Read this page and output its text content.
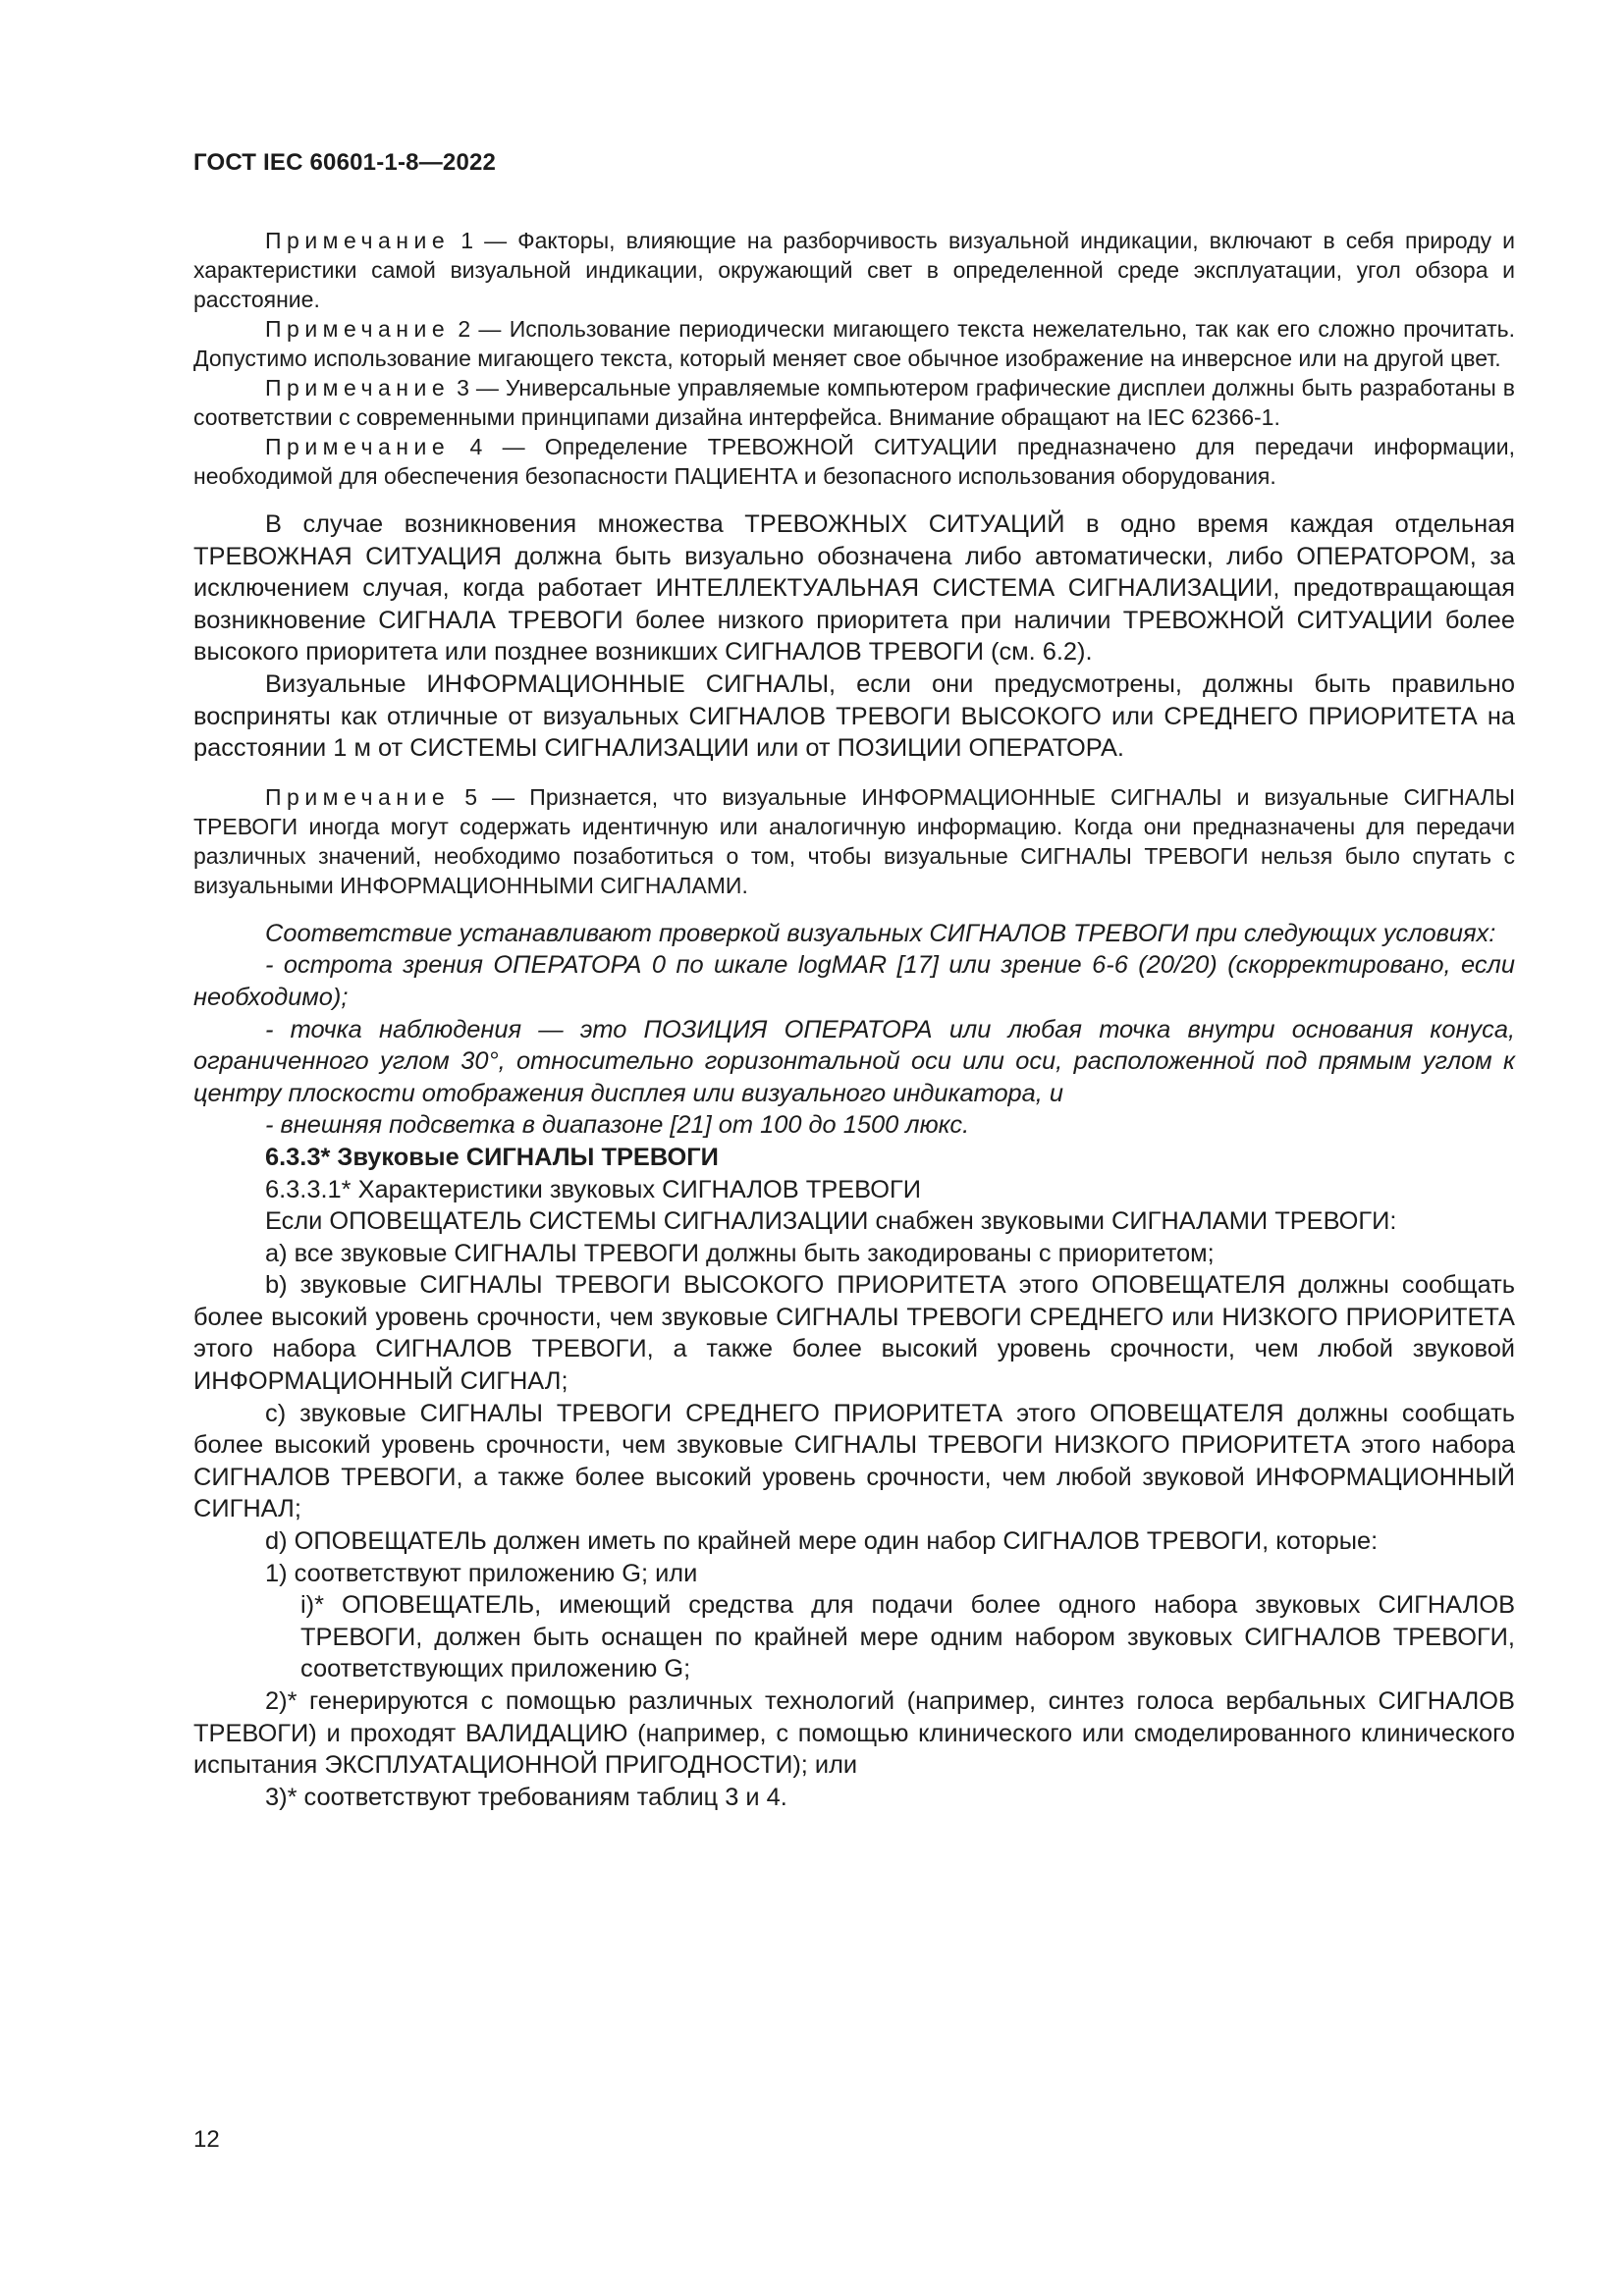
ГОСТ IEC 60601-1-8—2022

Примечание 1 — Факторы, влияющие на разборчивость визуальной индикации, включают в себя природу и характеристики самой визуальной индикации, окружающий свет в определенной среде эксплуатации, угол обзора и расстояние.

Примечание 2 — Использование периодически мигающего текста нежелательно, так как его сложно прочитать. Допустимо использование мигающего текста, который меняет свое обычное изображение на инверсное или на другой цвет.

Примечание 3 — Универсальные управляемые компьютером графические дисплеи должны быть разработаны в соответствии с современными принципами дизайна интерфейса. Внимание обращают на IEC 62366-1.

Примечание 4 — Определение ТРЕВОЖНОЙ СИТУАЦИИ предназначено для передачи информации, необходимой для обеспечения безопасности ПАЦИЕНТА и безопасного использования оборудования.

В случае возникновения множества ТРЕВОЖНЫХ СИТУАЦИЙ в одно время каждая отдельная ТРЕВОЖНАЯ СИТУАЦИЯ должна быть визуально обозначена либо автоматически, либо ОПЕРАТОРОМ, за исключением случая, когда работает ИНТЕЛЛЕКТУАЛЬНАЯ СИСТЕМА СИГНАЛИЗАЦИИ, предотвращающая возникновение СИГНАЛА ТРЕВОГИ более низкого приоритета при наличии ТРЕВОЖНОЙ СИТУАЦИИ более высокого приоритета или позднее возникших СИГНАЛОВ ТРЕВОГИ (см. 6.2).

Визуальные ИНФОРМАЦИОННЫЕ СИГНАЛЫ, если они предусмотрены, должны быть правильно восприняты как отличные от визуальных СИГНАЛОВ ТРЕВОГИ ВЫСОКОГО или СРЕДНЕГО ПРИОРИТЕТА на расстоянии 1 м от СИСТЕМЫ СИГНАЛИЗАЦИИ или от ПОЗИЦИИ ОПЕРАТОРА.

Примечание 5 — Признается, что визуальные ИНФОРМАЦИОННЫЕ СИГНАЛЫ и визуальные СИГНАЛЫ ТРЕВОГИ иногда могут содержать идентичную или аналогичную информацию. Когда они предназначены для передачи различных значений, необходимо позаботиться о том, чтобы визуальные СИГНАЛЫ ТРЕВОГИ нельзя было спутать с визуальными ИНФОРМАЦИОННЫМИ СИГНАЛАМИ.

Соответствие устанавливают проверкой визуальных СИГНАЛОВ ТРЕВОГИ при следующих условиях:

- острота зрения ОПЕРАТОРА 0 по шкале logMAR [17] или зрение 6-6 (20/20) (скорректировано, если необходимо);

- точка наблюдения — это ПОЗИЦИЯ ОПЕРАТОРА или любая точка внутри основания конуса, ограниченного углом 30°, относительно горизонтальной оси или оси, расположенной под прямым углом к центру плоскости отображения дисплея или визуального индикатора, и

- внешняя подсветка в диапазоне [21] от 100 до 1500 люкс.

6.3.3* Звуковые СИГНАЛЫ ТРЕВОГИ

6.3.3.1* Характеристики звуковых СИГНАЛОВ ТРЕВОГИ

Если ОПОВЕЩАТЕЛЬ СИСТЕМЫ СИГНАЛИЗАЦИИ снабжен звуковыми СИГНАЛАМИ ТРЕВОГИ:

a) все звуковые СИГНАЛЫ ТРЕВОГИ должны быть закодированы с приоритетом;

b) звуковые СИГНАЛЫ ТРЕВОГИ ВЫСОКОГО ПРИОРИТЕТА этого ОПОВЕЩАТЕЛЯ должны сообщать более высокий уровень срочности, чем звуковые СИГНАЛЫ ТРЕВОГИ СРЕДНЕГО или НИЗКОГО ПРИОРИТЕТА этого набора СИГНАЛОВ ТРЕВОГИ, а также более высокий уровень срочности, чем любой звуковой ИНФОРМАЦИОННЫЙ СИГНАЛ;

c) звуковые СИГНАЛЫ ТРЕВОГИ СРЕДНЕГО ПРИОРИТЕТА этого ОПОВЕЩАТЕЛЯ должны сообщать более высокий уровень срочности, чем звуковые СИГНАЛЫ ТРЕВОГИ НИЗКОГО ПРИОРИТЕТА этого набора СИГНАЛОВ ТРЕВОГИ, а также более высокий уровень срочности, чем любой звуковой ИНФОРМАЦИОННЫЙ СИГНАЛ;

d) ОПОВЕЩАТЕЛЬ должен иметь по крайней мере один набор СИГНАЛОВ ТРЕВОГИ, которые:

1) соответствуют приложению G; или

i)* ОПОВЕЩАТЕЛЬ, имеющий средства для подачи более одного набора звуковых СИГНАЛОВ ТРЕВОГИ, должен быть оснащен по крайней мере одним набором звуковых СИГНАЛОВ ТРЕВОГИ, соответствующих приложению G;

2)* генерируются с помощью различных технологий (например, синтез голоса вербальных СИГНАЛОВ ТРЕВОГИ) и проходят ВАЛИДАЦИЮ (например, с помощью клинического или смоделированного клинического испытания ЭКСПЛУАТАЦИОННОЙ ПРИГОДНОСТИ); или

3)* соответствуют требованиям таблиц 3 и 4.

12
